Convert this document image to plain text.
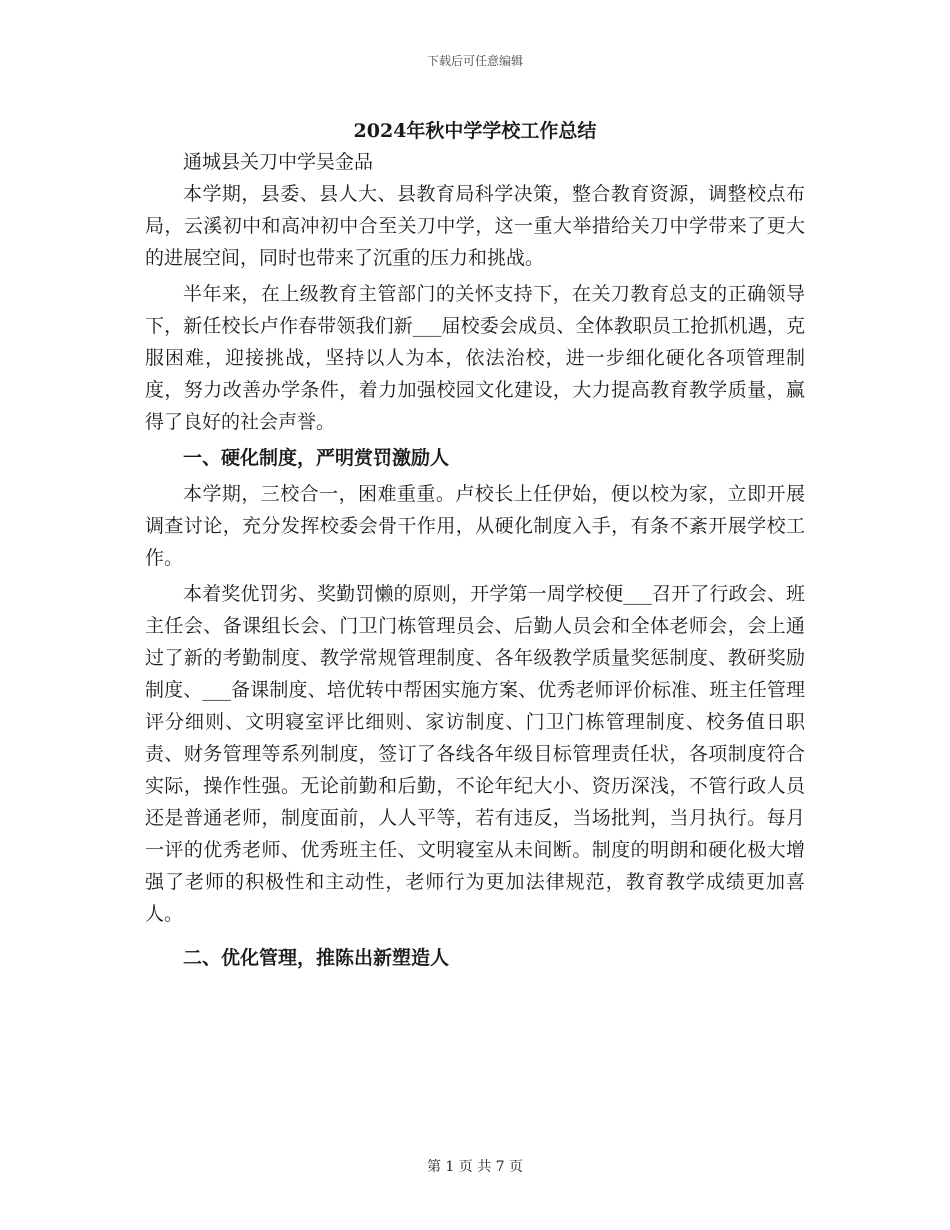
下载后可任意编辑
2024年秋中学学校工作总结

通城县关刀中学吴金品

本学期，县委、县人大、县教育局科学决策，整合教育资源，调整校点布局，云溪初中和高冲初中合至关刀中学，这一重大举措给关刀中学带来了更大的进展空间，同时也带来了沉重的压力和挑战。

半年来，在上级教育主管部门的关怀支持下，在关刀教育总支的正确领导下，新任校长卢作春带领我们新___届校委会成员、全体教职员工抢抓机遇，克服困难，迎接挑战，坚持以人为本，依法治校，进一步细化硬化各项管理制度，努力改善办学条件，着力加强校园文化建设，大力提高教育教学质量，赢得了良好的社会声誉。

一、硬化制度，严明赏罚激励人

本学期，三校合一，困难重重。卢校长上任伊始，便以校为家，立即开展调查讨论，充分发挥校委会骨干作用，从硬化制度入手，有条不紊开展学校工作。

本着奖优罚劣、奖勤罚懒的原则，开学第一周学校便___召开了行政会、班主任会、备课组长会、门卫门栋管理员会、后勤人员会和全体老师会，会上通过了新的考勤制度、教学常规管理制度、各年级教学质量奖惩制度、教研奖励制度、___备课制度、培优转中帮困实施方案、优秀老师评价标准、班主任管理评分细则、文明寝室评比细则、家访制度、门卫门栋管理制度、校务值日职责、财务管理等系列制度，签订了各线各年级目标管理责任状，各项制度符合实际，操作性强。无论前勤和后勤，不论年纪大小、资历深浅，不管行政人员还是普通老师，制度面前，人人平等，若有违反，当场批判，当月执行。每月一评的优秀老师、优秀班主任、文明寝室从未间断。制度的明朗和硬化极大增强了老师的积极性和主动性，老师行为更加法律规范，教育教学成绩更加喜人。

二、优化管理，推陈出新塑造人

第 1 页 共 7 页
